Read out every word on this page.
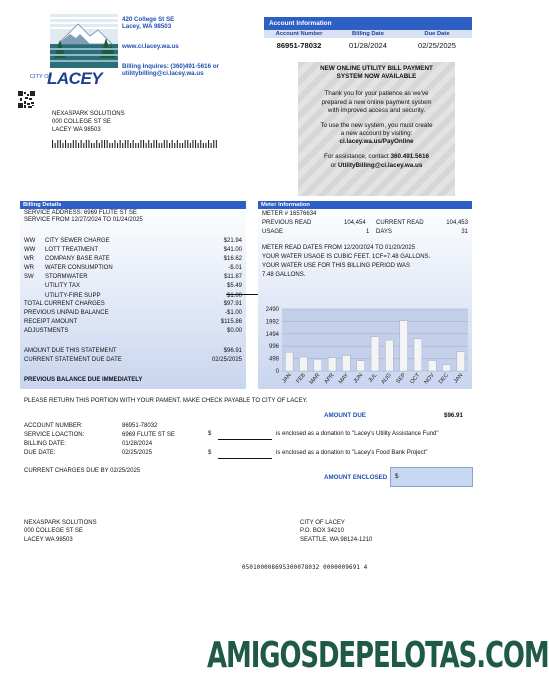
CITY OF
LACEY
420 College St SE
Lacey, WA 98503
www.ci.lacey.wa.us
Billing Inquires: (360)491-5616 or
utilitybilling@ci.lacey.wa.us
NEXASPARK SOLUTIONS
000 COLLEGE ST SE
LACEY WA 98503
Account Information
Account Number	Billing Date	Due Date
86951-78032	01/28/2024	02/25/2025
NEW ONLINE UTILITY BILL PAYMENT
SYSTEM NOW AVAILABLE
Thank you for your patience as we've
prepared a new online payment system
with improved access and security.
To use the new system, you must create
a new account by visiting:
ci.lacey.wa.us/PayOnline
For assistance, contact 360.491.5616
or UtilityBilling@ci.lacey.wa.us
Billing Details
SERVICE ADDRESS: 6969 FLUTE ST SE
SERVICE FROM 12/27/2024 TO 01/24/2025
WW CITY SEWER CHARGE	$21.94
WW LOTT TREATMENT	$41.00
WR COMPANY BASE RATE	$16.62
WR WATER CONSUMPTION	-$.01
SW STORMWATER	$11.87
UTILITY TAX	$5.49
UTILITY-FIRE SUPP	$1.00
TOTAL CURRENT CHARGES	$97.91
PREVIOUS UNPAID BALANCE	-$1.00
RECEIPT AMOUNT	$115.86
ADJUSTMENTS	$0.00
AMOUNT DUE THIS STATEMENT	$96.91
CURRENT STATEMENT DUE DATE	02/25/2025
PREVIOUS BALANCE DUE IMMEDIATELY
Meter Information
METER # 16576634
PREVIOUS READ	104,454 CURRENT READ	104,453
USAGE	1 DAYS	31
METER READ DATES FROM 12/20/2024 TO 01/20/2025
YOUR WATER USAGE IS CUBIC FEET. 1CF=7.48 GALLONS.
YOUR WATER USE FOR THIS BILLING PERIOD WAS
7.48 GALLONS.
2490
1992
1494
996
498
0
JAN FEB MAR APR MAY JUN JUL AUG SEP OCT NOV DEC JAN
PLEASE RETURN THIS PORTION WITH YOUR PAMENT. MAKE CHECK PAYABLE TO CITY OF LACEY.
AMOUNT DUE	$96.91
ACCOUNT NUMBER:	86951-78032
SERVICE LOACTION:	6969 FLUTE ST SE
BILLING DATE:	01/28/2024
DUE DATE:	02/25/2025
$	is enclosed as a donation to "Lacey's Utility Assistance Fund"
$	is enclosed as a donation to "Lacey's Food Bank Project"
CURRENT CHARGES DUE BY 02/25/2025
AMOUNT ENCLOSED	$
NEXASPARK SOLUTIONS
000 COLLEGE ST SE
LACEY WA 98503
CITY OF LACEY
P.O. BOX 34210
SEATTLE, WA 98124-1210
050100008695300078032 0000009691 4
AMIGOSDEPELOTAS.COM
